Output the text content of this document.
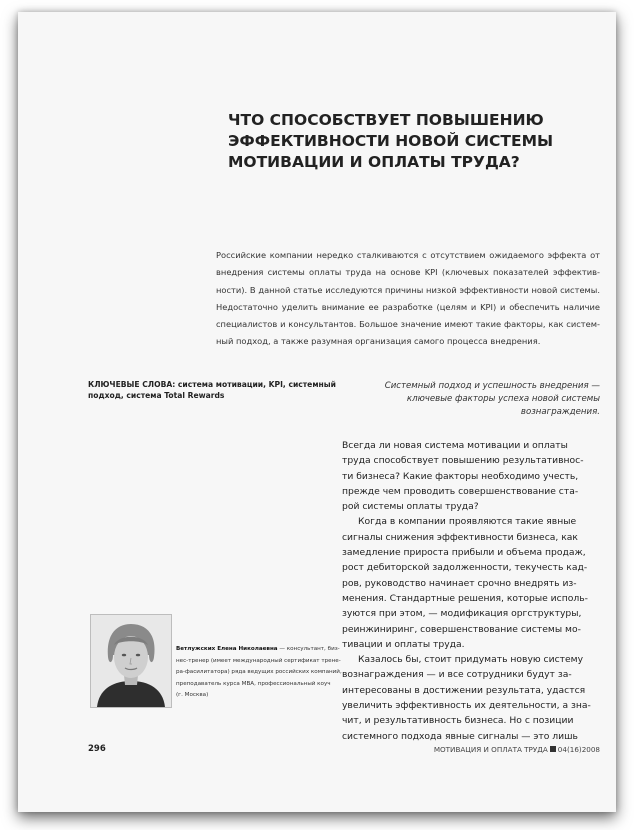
ЧТО СПОСОБСТВУЕТ ПОВЫШЕНИЮ
ЭФФЕКТИВНОСТИ НОВОЙ СИСТЕМЫ
МОТИВАЦИИ И ОПЛАТЫ ТРУДА?

Российские компании нередко сталкиваются с отсутствием ожидаемого эффекта от
внедрения системы оплаты труда на основе KPI (ключевых показателей эффектив-
ности). В данной статье исследуются причины низкой эффективности новой системы.
Недостаточно уделить внимание ее разработке (целям и KPI) и обеспечить наличие
специалистов и консультантов. Большое значение имеют такие факторы, как систем-
ный подход, а также разумная организация самого процесса внедрения.

КЛЮЧЕВЫЕ СЛОВА: система мотивации, KPI, системный
подход, система Total Rewards
Системный подход и успешность внедрения —
ключевые факторы успеха новой системы
вознаграждения.
Всегда ли новая система мотивации и оплаты
труда способствует повышению результативнос-
ти бизнеса? Какие факторы необходимо учесть,
прежде чем проводить совершенствование ста-
рой системы оплаты труда?
Когда в компании проявляются такие явные
сигналы снижения эффективности бизнеса, как
замедление прироста прибыли и объема продаж,
рост дебиторской задолженности, текучесть кад-
ров, руководство начинает срочно внедрять из-
менения. Стандартные решения, которые исполь-
зуются при этом, — модификация оргструктуры,
реинжиниринг, совершенствование системы мо-
тивации и оплаты труда.
Казалось бы, стоит придумать новую систему
вознаграждения — и все сотрудники будут за-
интересованы в достижении результата, удастся
увеличить эффективность их деятельности, а зна-
чит, и результативность бизнеса. Но с позиции
системного подхода явные сигналы — это лишь
Ветлужских Елена Николаевна — консультант, биз-
нес-тренер (имеет международный сертификат трене-
ра-фасилитатора) ряда ведущих российских компаний,
преподаватель курса MBA, профессиональный коуч
(г. Москва)
296	МОТИВАЦИЯ И ОПЛАТА ТРУДА 04(16)2008
